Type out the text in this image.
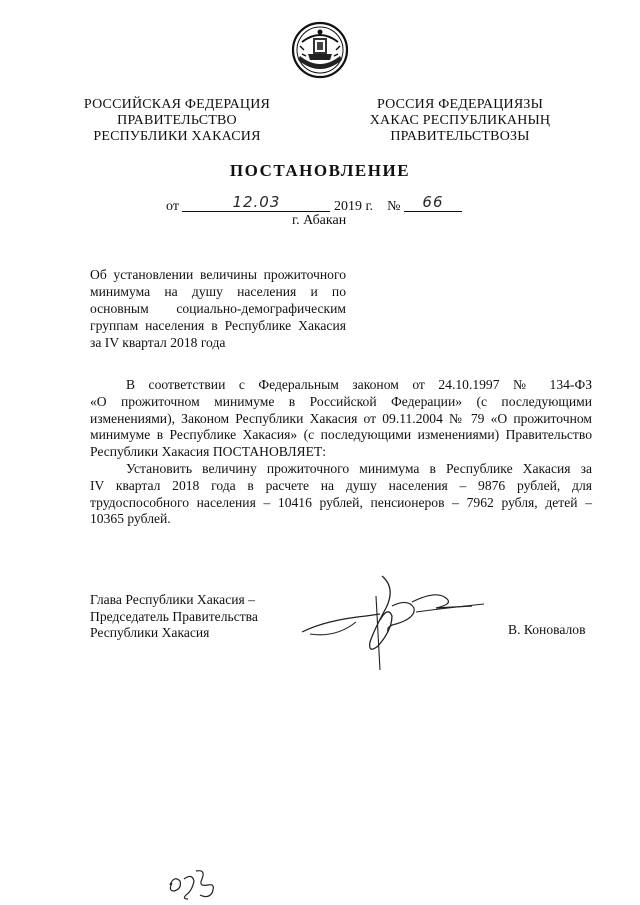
РОССИЙСКАЯ ФЕДЕРАЦИЯ
ПРАВИТЕЛЬСТВО
РЕСПУБЛИКИ ХАКАСИЯ
РОССИЯ ФЕДЕРАЦИЯЗЫ
ХАКАС РЕСПУБЛИКАНЫҢ
ПРАВИТЕЛЬСТВОЗЫ
ПОСТАНОВЛЕНИЕ
от	12.03	2019 г. № 66
г. Абакан
Об установлении величины прожиточного
минимума на душу населения и по
основным социально-демографическим
группам населения в Республике Хакасия
за IV квартал 2018 года
В соответствии с Федеральным законом от 24.10.1997 № 134-ФЗ
«О прожиточном минимуме в Российской Федерации» (с последующими
изменениями), Законом Республики Хакасия от 09.11.2004 № 79 «О прожиточном
минимуме в Республике Хакасия» (с последующими изменениями) Правительство
Республики Хакасия ПОСТАНОВЛЯЕТ:
Установить величину прожиточного минимума в Республике Хакасия за
IV квартал 2018 года в расчете на душу населения – 9876 рублей, для
трудоспособного населения – 10416 рублей, пенсионеров – 7962 рубля, детей –
10365 рублей.
Глава Республики Хакасия –
Председатель Правительства
Республики Хакасия	В. Коновалов
